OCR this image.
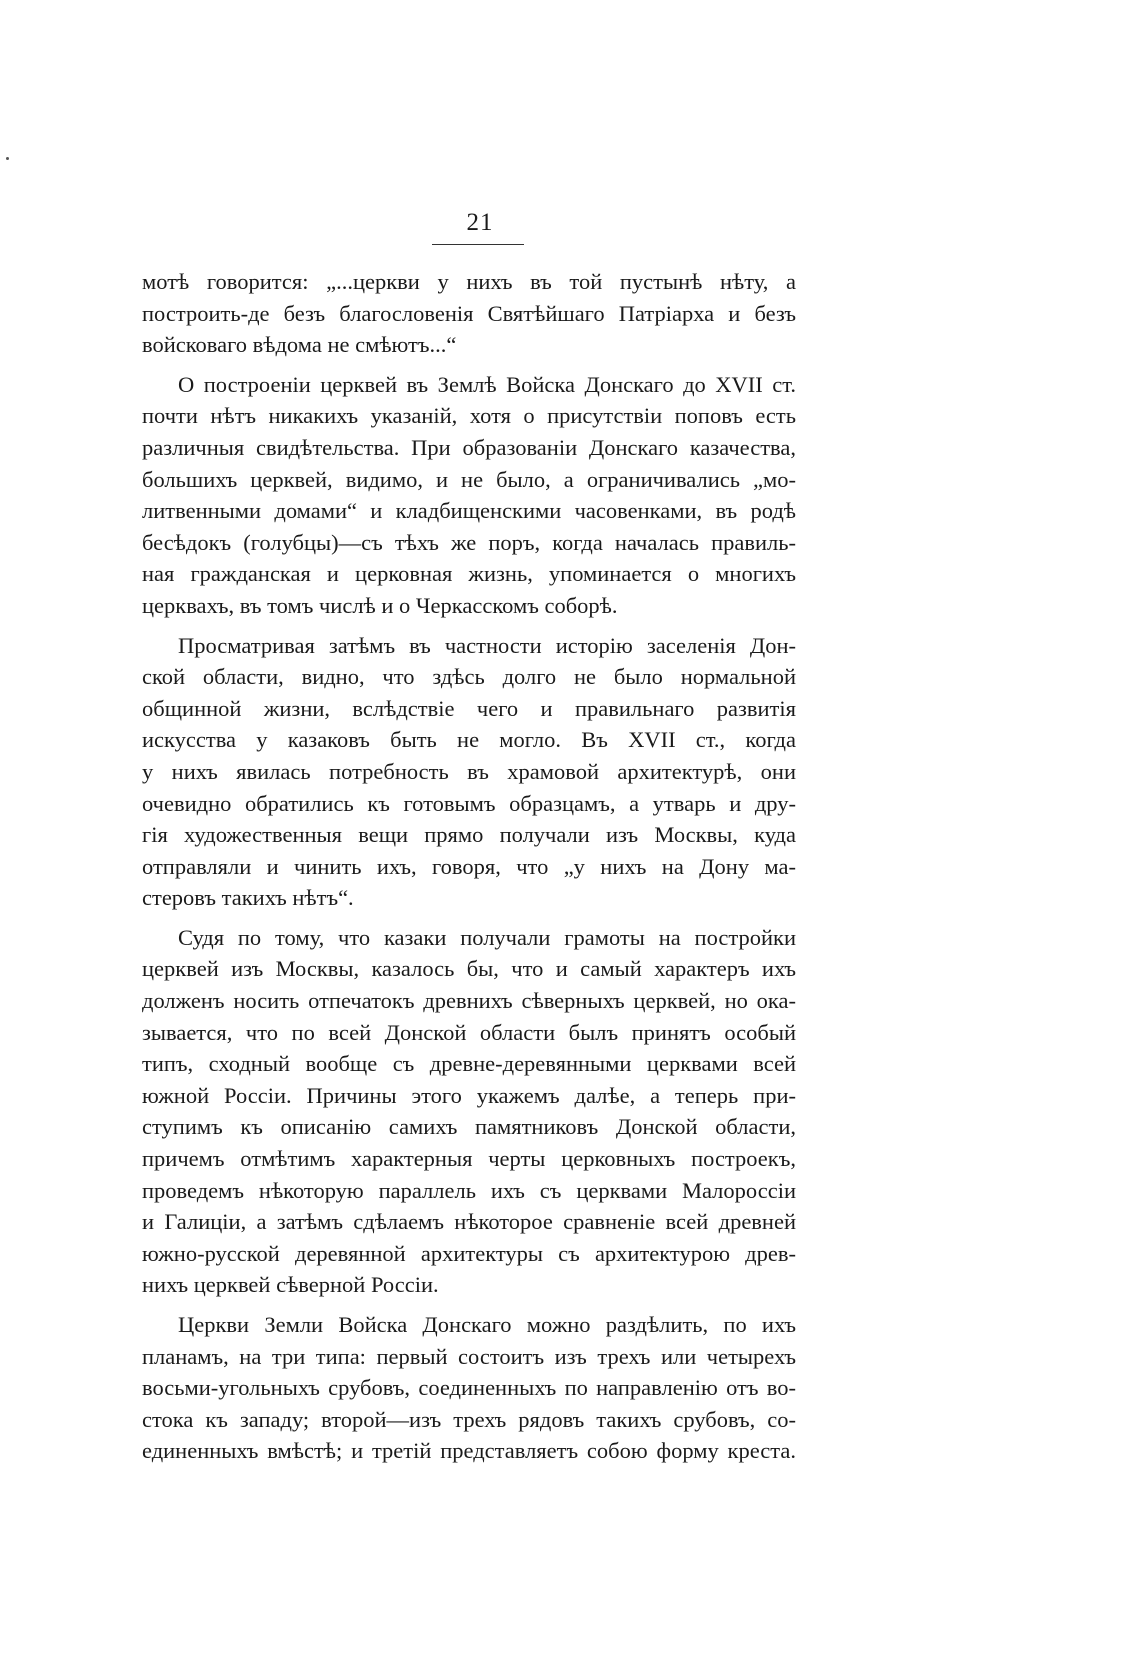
21
мотѣ говорится: „...церкви у нихъ въ той пустынѣ нѣту, а
построить-де безъ благословенія Святѣйшаго Патріарха и безъ
войсковаго вѣдома не смѣютъ...“
О построеніи церквей въ Землѣ Войска Донскаго до XVII ст.
почти нѣтъ никакихъ указаній, хотя о присутствіи поповъ есть
различныя свидѣтельства. При образованіи Донскаго казачества,
большихъ церквей, видимо, и не было, а ограничивались „мо-
литвенными домами“ и кладбищенскими часовенками, въ родѣ
бесѣдокъ (голубцы)—съ тѣхъ же поръ, когда началась правиль-
ная гражданская и церковная жизнь, упоминается о многихъ
церквахъ, въ томъ числѣ и о Черкасскомъ соборѣ.
Просматривая затѣмъ въ частности исторію заселенія Дон-
ской области, видно, что здѣсь долго не было нормальной
общинной жизни, вслѣдствіе чего и правильнаго развитія
искусства у казаковъ быть не могло. Въ XVII ст., когда
у нихъ явилась потребность въ храмовой архитектурѣ, они
очевидно обратились къ готовымъ образцамъ, а утварь и дру-
гія художественныя вещи прямо получали изъ Москвы, куда
отправляли и чинить ихъ, говоря, что „у нихъ на Дону ма-
стеровъ такихъ нѣтъ“.
Судя по тому, что казаки получали грамоты на постройки
церквей изъ Москвы, казалось бы, что и самый характеръ ихъ
долженъ носить отпечатокъ древнихъ сѣверныхъ церквей, но ока-
зывается, что по всей Донской области былъ принятъ особый
типъ, сходный вообще съ древне-деревянными церквами всей
южной Россіи. Причины этого укажемъ далѣе, а теперь при-
ступимъ къ описанію самихъ памятниковъ Донской области,
причемъ отмѣтимъ характерныя черты церковныхъ построекъ,
проведемъ нѣкоторую параллель ихъ съ церквами Малороссіи
и Галиціи, а затѣмъ сдѣлаемъ нѣкоторое сравненіе всей древней
южно-русской деревянной архитектуры съ архитектурою древ-
нихъ церквей сѣверной Россіи.
Церкви Земли Войска Донскаго можно раздѣлить, по ихъ
планамъ, на три типа: первый состоитъ изъ трехъ или четырехъ
восьми-угольныхъ срубовъ, соединенныхъ по направленію отъ во-
стока къ западу; второй—изъ трехъ рядовъ такихъ срубовъ, со-
единенныхъ вмѣстѣ; и третій представляетъ собою форму креста.
